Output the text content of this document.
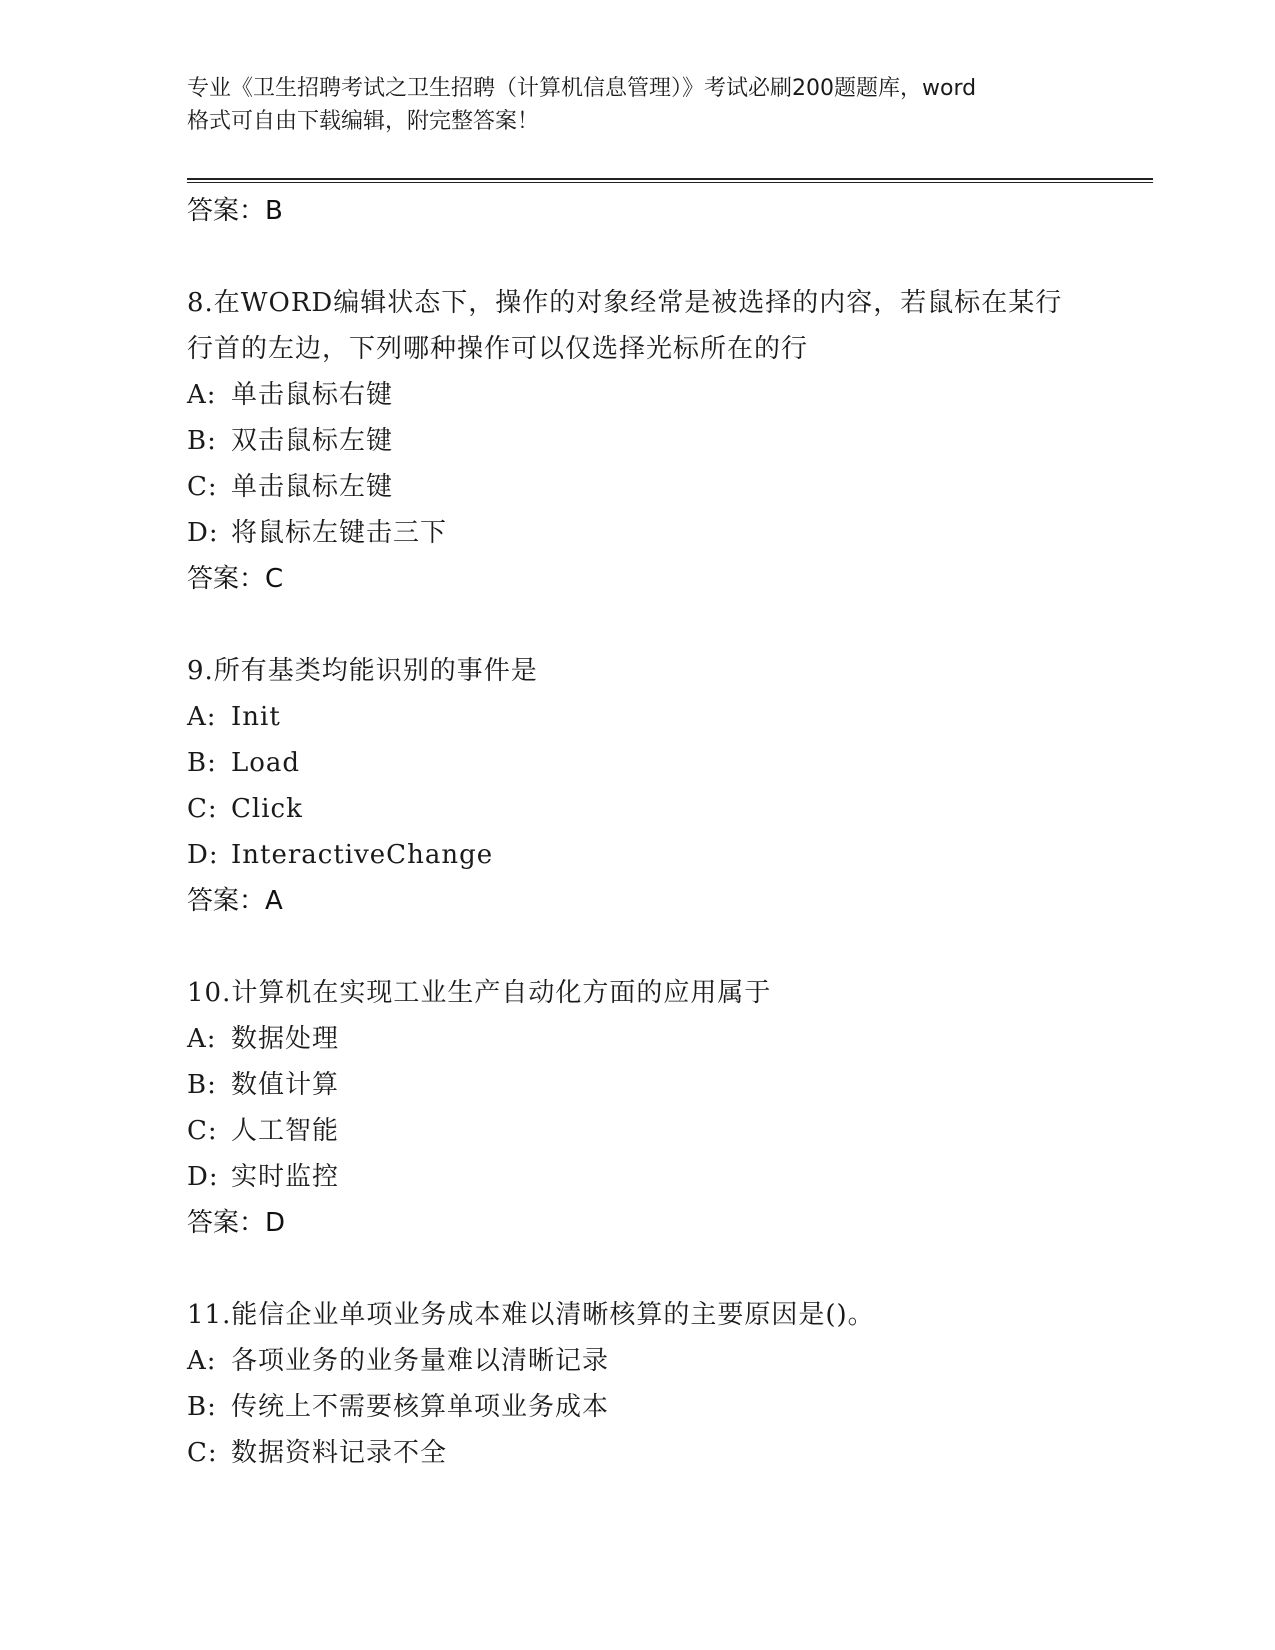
专业《卫生招聘考试之卫生招聘（计算机信息管理）》考试必刷200题题库，word
格式可自由下载编辑，附完整答案！
答案：B
8.在WORD编辑状态下，操作的对象经常是被选择的内容，若鼠标在某行行首的左边，下列哪种操作可以仅选择光标所在的行
A: 单击鼠标右键
B: 双击鼠标左键
C: 单击鼠标左键
D: 将鼠标左键击三下
答案：C
9.所有基类均能识别的事件是
A: Init
B: Load
C: Click
D: InteractiveChange
答案：A
10.计算机在实现工业生产自动化方面的应用属于
A: 数据处理
B: 数值计算
C: 人工智能
D: 实时监控
答案：D
11.能信企业单项业务成本难以清晰核算的主要原因是()。
A: 各项业务的业务量难以清晰记录
B: 传统上不需要核算单项业务成本
C: 数据资料记录不全
